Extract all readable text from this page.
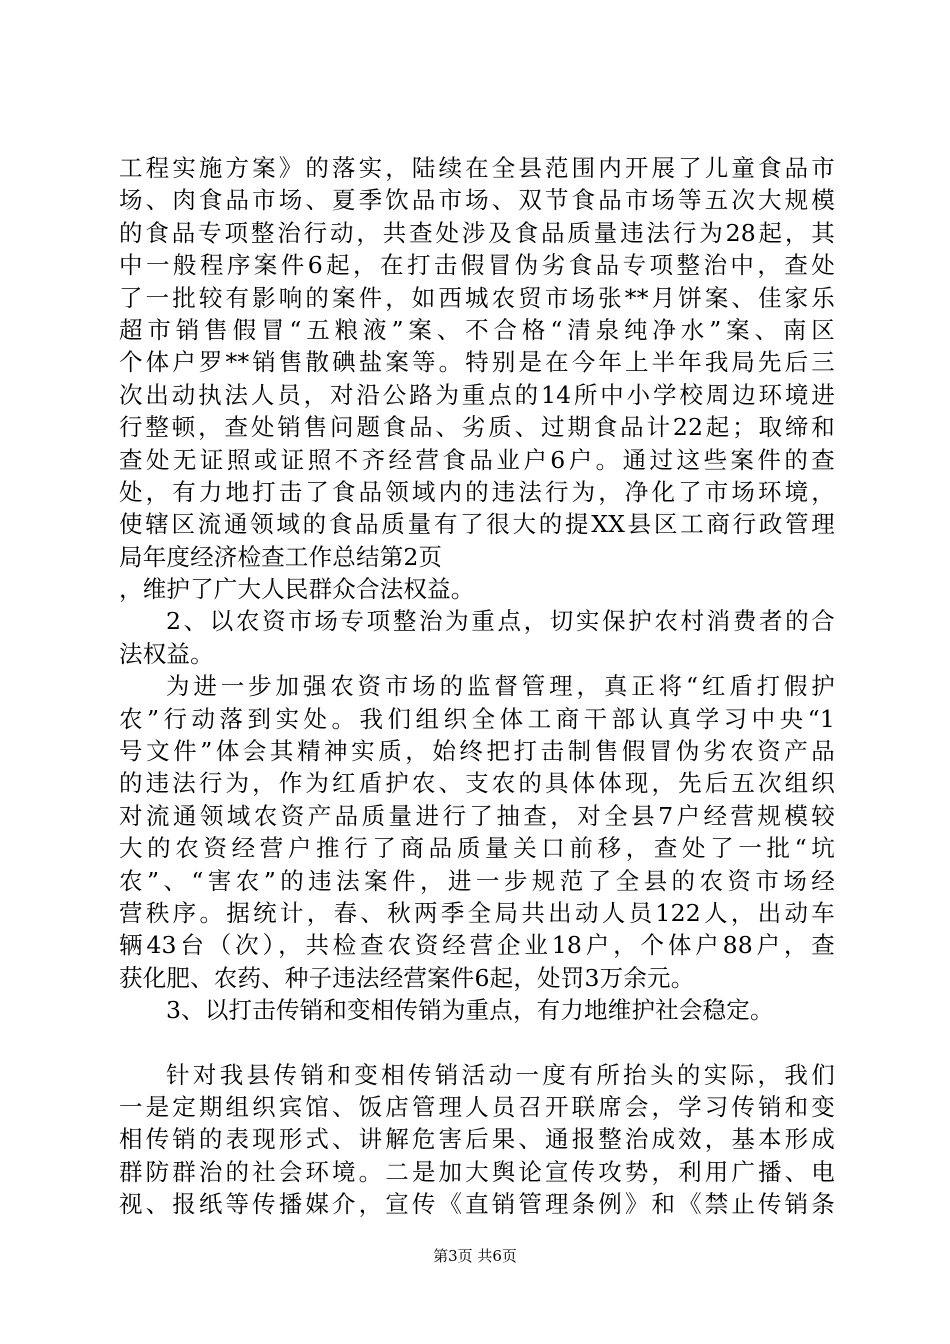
工程实施方案》的落实，陆续在全县范围内开展了儿童食品市
场、肉食品市场、夏季饮品市场、双节食品市场等五次大规模
的食品专项整治行动，共查处涉及食品质量违法行为28起，其
中一般程序案件6起，在打击假冒伪劣食品专项整治中，查处
了一批较有影响的案件，如西城农贸市场张**月饼案、佳家乐
超市销售假冒“五粮液”案、不合格“清泉纯净水”案、南区
个体户罗**销售散碘盐案等。特别是在今年上半年我局先后三
次出动执法人员，对沿公路为重点的14所中小学校周边环境进
行整顿，查处销售问题食品、劣质、过期食品计22起；取缔和
查处无证照或证照不齐经营食品业户6户。通过这些案件的查
处，有力地打击了食品领域内的违法行为，净化了市场环境，
使辖区流通领域的食品质量有了很大的提XX县区工商行政管理
局年度经济检查工作总结第2页
，维护了广大人民群众合法权益。
2、以农资市场专项整治为重点，切实保护农村消费者的合
法权益。
为进一步加强农资市场的监督管理，真正将“红盾打假护
农”行动落到实处。我们组织全体工商干部认真学习中央“1
号文件”体会其精神实质，始终把打击制售假冒伪劣农资产品
的违法行为，作为红盾护农、支农的具体体现，先后五次组织
对流通领域农资产品质量进行了抽查，对全县7户经营规模较
大的农资经营户推行了商品质量关口前移，查处了一批“坑
农”、“害农”的违法案件，进一步规范了全县的农资市场经
营秩序。据统计，春、秋两季全局共出动人员122人，出动车
辆43台（次），共检查农资经营企业18户，个体户88户，查
获化肥、农药、种子违法经营案件6起，处罚3万余元。
3、以打击传销和变相传销为重点，有力地维护社会稳定。
针对我县传销和变相传销活动一度有所抬头的实际，我们
一是定期组织宾馆、饭店管理人员召开联席会，学习传销和变
相传销的表现形式、讲解危害后果、通报整治成效，基本形成
群防群治的社会环境。二是加大舆论宣传攻势，利用广播、电
视、报纸等传播媒介，宣传《直销管理条例》和《禁止传销条
第3页 共6页
